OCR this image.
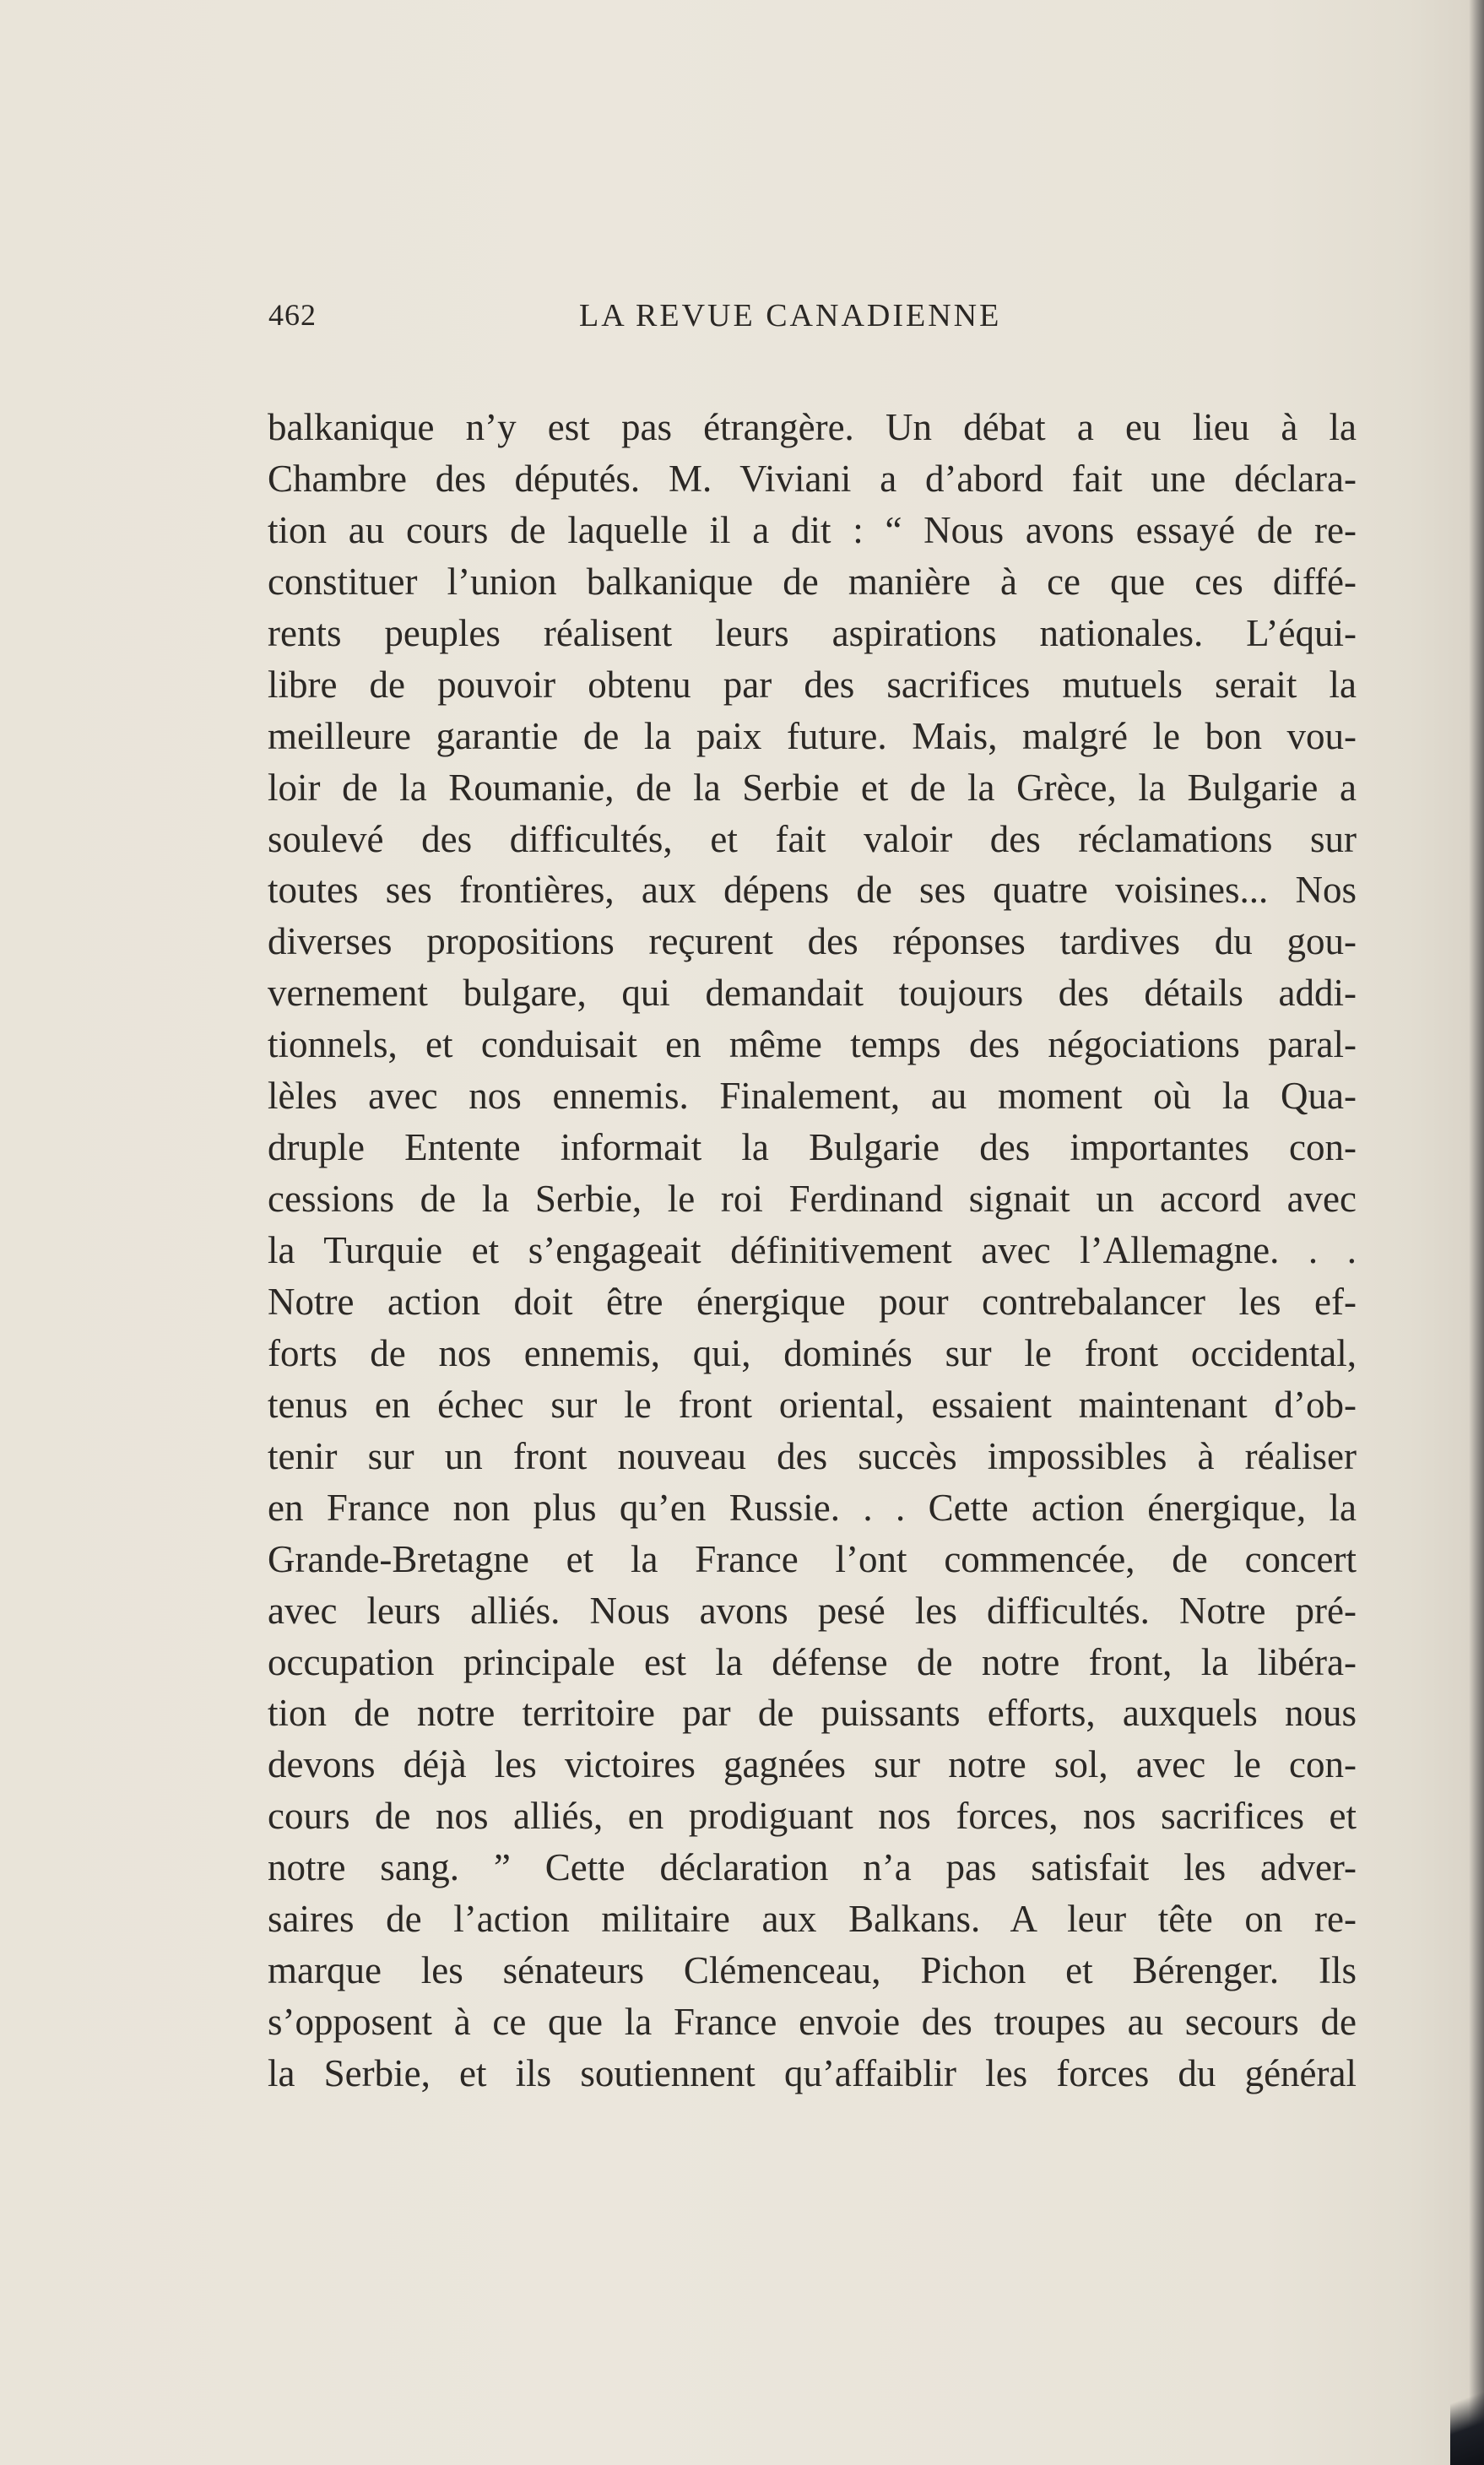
462	LA REVUE CANADIENNE
balkanique n’y est pas étrangère. Un débat a eu lieu à la
Chambre des députés. M. Viviani a d’abord fait une déclara-
tion au cours de laquelle il a dit : “ Nous avons essayé de re-
constituer l’union balkanique de manière à ce que ces diffé-
rents peuples réalisent leurs aspirations nationales. L’équi-
libre de pouvoir obtenu par des sacrifices mutuels serait la
meilleure garantie de la paix future. Mais, malgré le bon vou-
loir de la Roumanie, de la Serbie et de la Grèce, la Bulgarie a
soulevé des difficultés, et fait valoir des réclamations sur
toutes ses frontières, aux dépens de ses quatre voisines... Nos
diverses propositions reçurent des réponses tardives du gou-
vernement bulgare, qui demandait toujours des détails addi-
tionnels, et conduisait en même temps des négociations paral-
lèles avec nos ennemis. Finalement, au moment où la Qua-
druple Entente informait la Bulgarie des importantes con-
cessions de la Serbie, le roi Ferdinand signait un accord avec
la Turquie et s’engageait définitivement avec l’Allemagne. . .
Notre action doit être énergique pour contrebalancer les ef-
forts de nos ennemis, qui, dominés sur le front occidental,
tenus en échec sur le front oriental, essaient maintenant d’ob-
tenir sur un front nouveau des succès impossibles à réaliser
en France non plus qu’en Russie. . . Cette action énergique, la
Grande-Bretagne et la France l’ont commencée, de concert
avec leurs alliés. Nous avons pesé les difficultés. Notre pré-
occupation principale est la défense de notre front, la libéra-
tion de notre territoire par de puissants efforts, auxquels nous
devons déjà les victoires gagnées sur notre sol, avec le con-
cours de nos alliés, en prodiguant nos forces, nos sacrifices et
notre sang. ” Cette déclaration n’a pas satisfait les adver-
saires de l’action militaire aux Balkans. A leur tête on re-
marque les sénateurs Clémenceau, Pichon et Bérenger. Ils
s’opposent à ce que la France envoie des troupes au secours de
la Serbie, et ils soutiennent qu’affaiblir les forces du général
